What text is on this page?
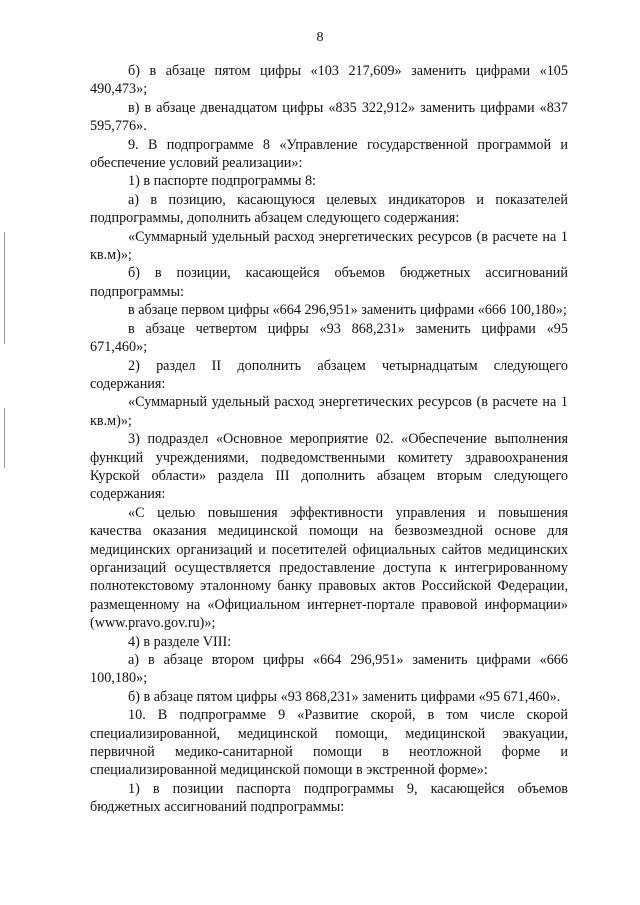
8

б) в абзаце пятом цифры «103 217,609» заменить цифрами «105 490,473»;

в) в абзаце двенадцатом цифры «835 322,912» заменить цифрами «837 595,776».

9. В подпрограмме 8 «Управление государственной программой и обеспечение условий реализации»:

1) в паспорте подпрограммы 8:

а) в позицию, касающуюся целевых индикаторов и показателей подпрограммы, дополнить абзацем следующего содержания:

«Суммарный удельный расход энергетических ресурсов (в расчете на 1 кв.м)»;

б) в позиции, касающейся объемов бюджетных ассигнований подпрограммы:

в абзаце первом цифры «664 296,951» заменить цифрами «666 100,180»;

в абзаце четвертом цифры «93 868,231» заменить цифрами «95 671,460»;

2) раздел II дополнить абзацем четырнадцатым следующего содержания:

«Суммарный удельный расход энергетических ресурсов (в расчете на 1 кв.м)»;

3) подраздел «Основное мероприятие 02. «Обеспечение выполнения функций учреждениями, подведомственными комитету здравоохранения Курской области» раздела III дополнить абзацем вторым следующего содержания:

«С целью повышения эффективности управления и повышения качества оказания медицинской помощи на безвозмездной основе для медицинских организаций и посетителей официальных сайтов медицинских организаций осуществляется предоставление доступа к интегрированному полнотекстовому эталонному банку правовых актов Российской Федерации, размещенному на «Официальном интернет-портале правовой информации» (www.pravo.gov.ru)»;

4) в разделе VIII:

а) в абзаце втором цифры «664 296,951» заменить цифрами «666 100,180»;

б) в абзаце пятом цифры «93 868,231» заменить цифрами «95 671,460».

10. В подпрограмме 9 «Развитие скорой, в том числе скорой специализированной, медицинской помощи, медицинской эвакуации, первичной медико-санитарной помощи в неотложной форме и специализированной медицинской помощи в экстренной форме»:

1) в позиции паспорта подпрограммы 9, касающейся объемов бюджетных ассигнований подпрограммы:
